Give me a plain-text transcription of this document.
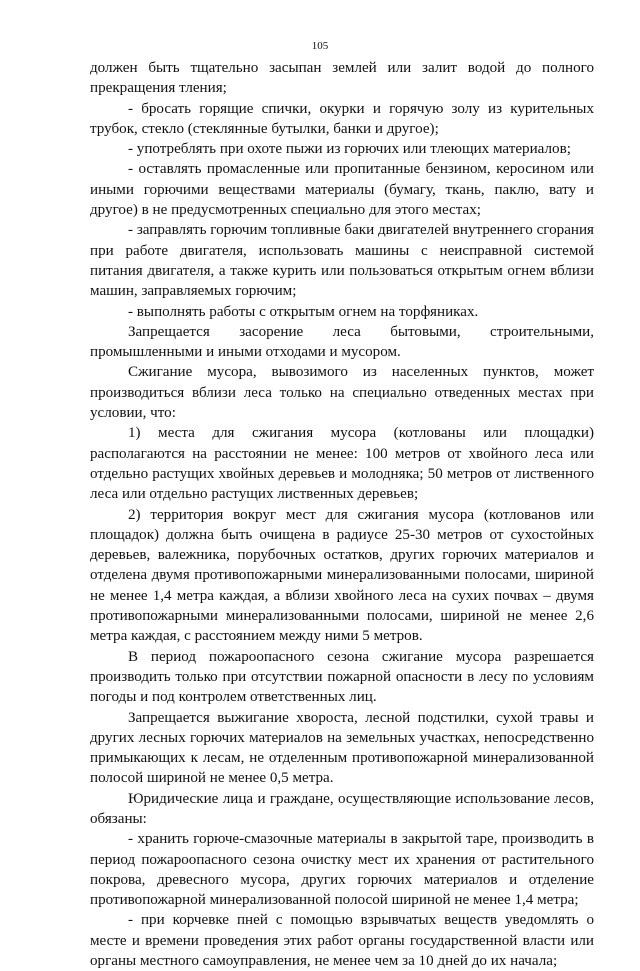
105

должен быть тщательно засыпан землей или залит водой до полного прекращения тления;

- бросать горящие спички, окурки и горячую золу из курительных трубок, стекло (стеклянные бутылки, банки и другое);

- употреблять при охоте пыжи из горючих или тлеющих материалов;

- оставлять промасленные или пропитанные бензином, керосином или иными горючими веществами материалы (бумагу, ткань, паклю, вату и другое) в не предусмотренных специально для этого местах;

- заправлять горючим топливные баки двигателей внутреннего сгорания при работе двигателя, использовать машины с неисправной системой питания двигателя, а также курить или пользоваться открытым огнем вблизи машин, заправляемых горючим;

- выполнять работы с открытым огнем на торфяниках.

Запрещается засорение леса бытовыми, строительными, промышленными и иными отходами и мусором.

Сжигание мусора, вывозимого из населенных пунктов, может производиться вблизи леса только на специально отведенных местах при условии, что:

1) места для сжигания мусора (котлованы или площадки) располагаются на расстоянии не менее: 100 метров от хвойного леса или отдельно растущих хвойных деревьев и молодняка; 50 метров от лиственного леса или отдельно растущих лиственных деревьев;

2) территория вокруг мест для сжигания мусора (котлованов или площадок) должна быть очищена в радиусе 25-30 метров от сухостойных деревьев, валежника, порубочных остатков, других горючих материалов и отделена двумя противопожарными минерализованными полосами, шириной не менее 1,4 метра каждая, а вблизи хвойного леса на сухих почвах – двумя противопожарными минерализованными полосами, шириной не менее 2,6 метра каждая, с расстоянием между ними 5 метров.

В период пожароопасного сезона сжигание мусора разрешается производить только при отсутствии пожарной опасности в лесу по условиям погоды и под контролем ответственных лиц.

Запрещается выжигание хвороста, лесной подстилки, сухой травы и других лесных горючих материалов на земельных участках, непосредственно примыкающих к лесам, не отделенным противопожарной минерализованной полосой шириной не менее 0,5 метра.

Юридические лица и граждане, осуществляющие использование лесов, обязаны:

- хранить горюче-смазочные материалы в закрытой таре, производить в период пожароопасного сезона очистку мест их хранения от растительного покрова, древесного мусора, других горючих материалов и отделение противопожарной минерализованной полосой шириной не менее 1,4 метра;

- при корчевке пней с помощью взрывчатых веществ уведомлять о месте и времени проведения этих работ органы государственной власти или органы местного самоуправления, не менее чем за 10 дней до их начала;
